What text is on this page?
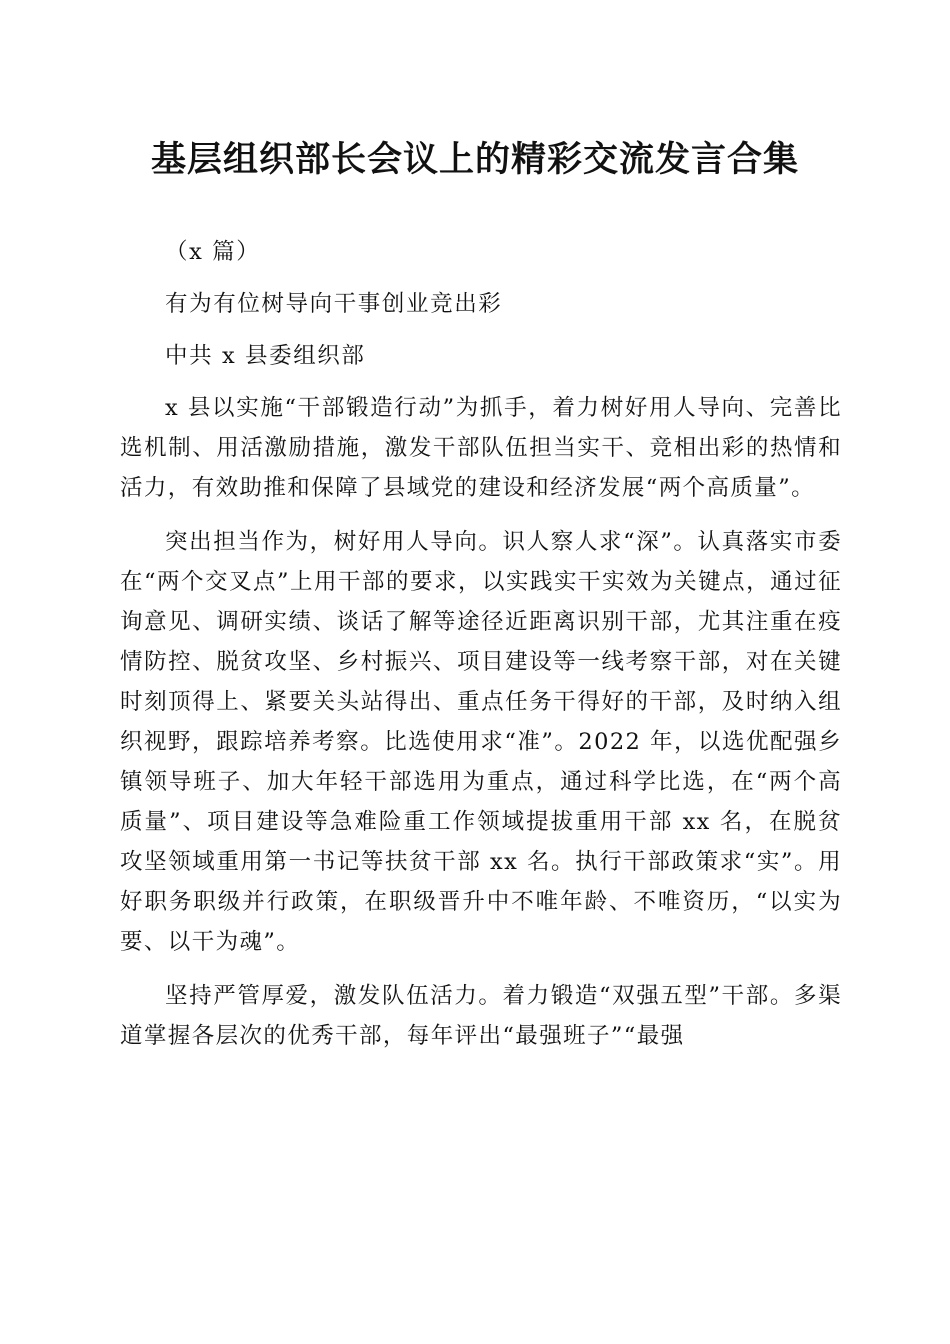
基层组织部长会议上的精彩交流发言合集

（x 篇）

有为有位树导向干事创业竞出彩

中共 x 县委组织部

x 县以实施“干部锻造行动”为抓手，着力树好用人导向、完善比选机制、用活激励措施，激发干部队伍担当实干、竞相出彩的热情和活力，有效助推和保障了县域党的建设和经济发展“两个高质量”。

突出担当作为，树好用人导向。识人察人求“深”。认真落实市委在“两个交叉点”上用干部的要求，以实践实干实效为关键点，通过征询意见、调研实绩、谈话了解等途径近距离识别干部，尤其注重在疫情防控、脱贫攻坚、乡村振兴、项目建设等一线考察干部，对在关键时刻顶得上、紧要关头站得出、重点任务干得好的干部，及时纳入组织视野，跟踪培养考察。比选使用求“准”。2022 年，以选优配强乡镇领导班子、加大年轻干部选用为重点，通过科学比选，在“两个高质量”、项目建设等急难险重工作领域提拔重用干部 xx 名，在脱贫攻坚领域重用第一书记等扶贫干部 xx 名。执行干部政策求“实”。用好职务职级并行政策，在职级晋升中不唯年龄、不唯资历，“以实为要、以干为魂”。

坚持严管厚爱，激发队伍活力。着力锻造“双强五型”干部。多渠道掌握各层次的优秀干部，每年评出“最强班子”“最强
